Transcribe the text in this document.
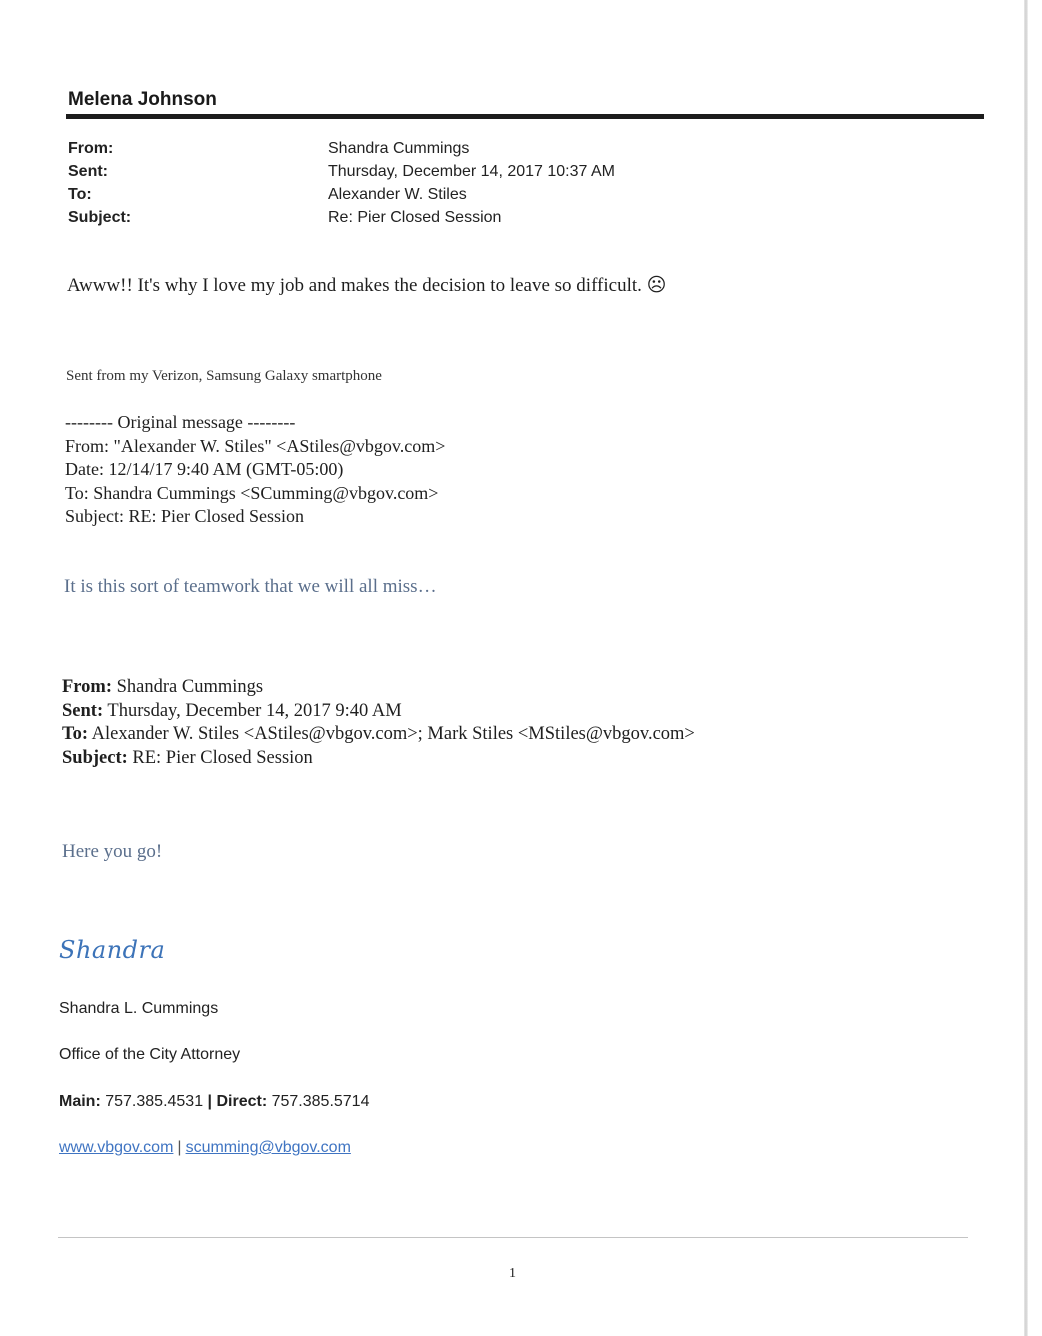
Melena Johnson
From:	Shandra Cummings
Sent:	Thursday, December 14, 2017 10:37 AM
To:	Alexander W. Stiles
Subject:	Re: Pier Closed Session
Awww!! It's why I love my job and makes the decision to leave so difficult. ☹
Sent from my Verizon, Samsung Galaxy smartphone
-------- Original message --------
From: "Alexander W. Stiles" <AStiles@vbgov.com>
Date: 12/14/17 9:40 AM (GMT-05:00)
To: Shandra Cummings <SCumming@vbgov.com>
Subject: RE: Pier Closed Session
It is this sort of teamwork that we will all miss…
From: Shandra Cummings
Sent: Thursday, December 14, 2017 9:40 AM
To: Alexander W. Stiles <AStiles@vbgov.com>; Mark Stiles <MStiles@vbgov.com>
Subject: RE: Pier Closed Session
Here you go!
Shandra
Shandra L. Cummings
Office of the City Attorney
Main: 757.385.4531 | Direct: 757.385.5714
www.vbgov.com | scumming@vbgov.com
1
